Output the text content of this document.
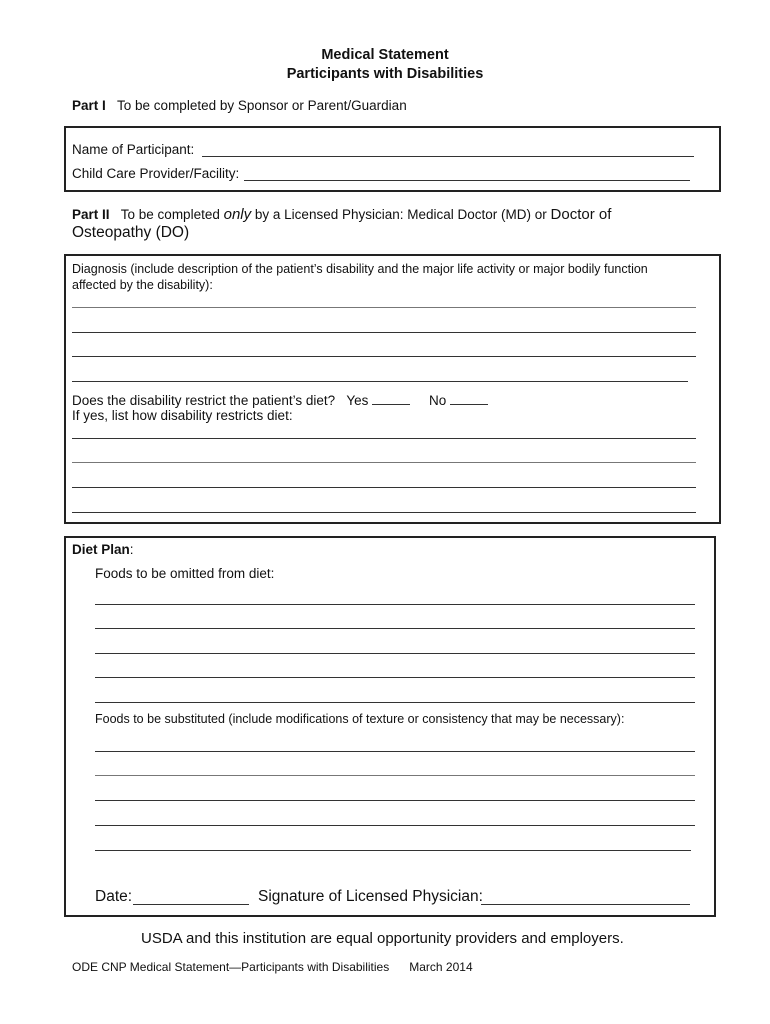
Medical Statement
Participants with Disabilities
Part I To be completed by Sponsor or Parent/Guardian
Name of Participant:
Child Care Provider/Facility:
Part II To be completed only by a Licensed Physician: Medical Doctor (MD) or Doctor of
Osteopathy (DO)
Diagnosis (include description of the patient’s disability and the major life activity or major bodily function
affected by the disability):
Does the disability restrict the patient’s diet? Yes	No
If yes, list how disability restricts diet:
Diet Plan:
Foods to be omitted from diet:
Foods to be substituted (include modifications of texture or consistency that may be necessary):
Date:	Signature of Licensed Physician:
USDA and this institution are equal opportunity providers and employers.
ODE CNP Medical Statement—Participants with Disabilities March 2014
